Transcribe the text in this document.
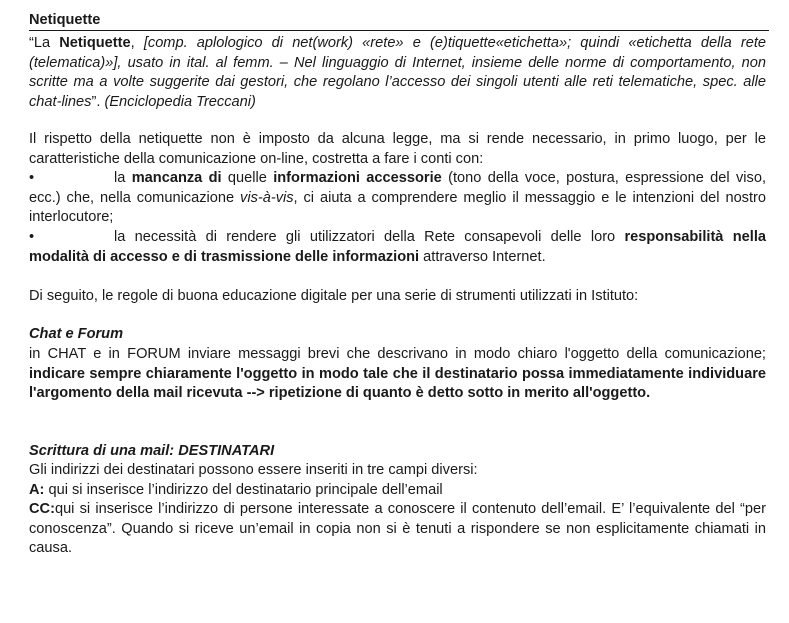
Netiquette

“La Netiquette, [comp. aplologico di net(work) «rete» e (e)tiquette«etichetta»; quindi «etichetta della rete (telematica)»], usato in ital. al femm. – Nel linguaggio di Internet, insieme delle norme di comportamento, non scritte ma a volte suggerite dai gestori, che regolano l’accesso dei singoli utenti alle reti telematiche, spec. alle chat-lines”. (Enciclopedia Treccani)

Il rispetto della netiquette non è imposto da alcuna legge, ma si rende necessario, in primo luogo, per le caratteristiche della comunicazione on-line, costretta a fare i conti con:

•	la mancanza di quelle informazioni accessorie (tono della voce, postura, espressione del viso, ecc.) che, nella comunicazione vis-à-vis, ci aiuta a comprendere meglio il messaggio e le intenzioni del nostro interlocutore;

•	la necessità di rendere gli utilizzatori della Rete consapevoli delle loro responsabilità nella modalità di accesso e di trasmissione delle informazioni attraverso Internet.

Di seguito, le regole di buona educazione digitale per una serie di strumenti utilizzati in Istituto:

Chat e Forum

in CHAT e in FORUM inviare messaggi brevi che descrivano in modo chiaro l'oggetto della comunicazione; indicare sempre chiaramente l'oggetto in modo tale che il destinatario possa immediatamente individuare l'argomento della mail ricevuta --> ripetizione di quanto è detto sotto in merito all'oggetto.

Scrittura di una mail: DESTINATARI

Gli indirizzi dei destinatari possono essere inseriti in tre campi diversi:

A: qui si inserisce l’indirizzo del destinatario principale dell’email

CC:qui si inserisce l’indirizzo di persone interessate a conoscere il contenuto dell’email. E’ l’equivalente del “per conoscenza”. Quando si riceve un’email in copia non si è tenuti a rispondere se non esplicitamente chiamati in causa.
